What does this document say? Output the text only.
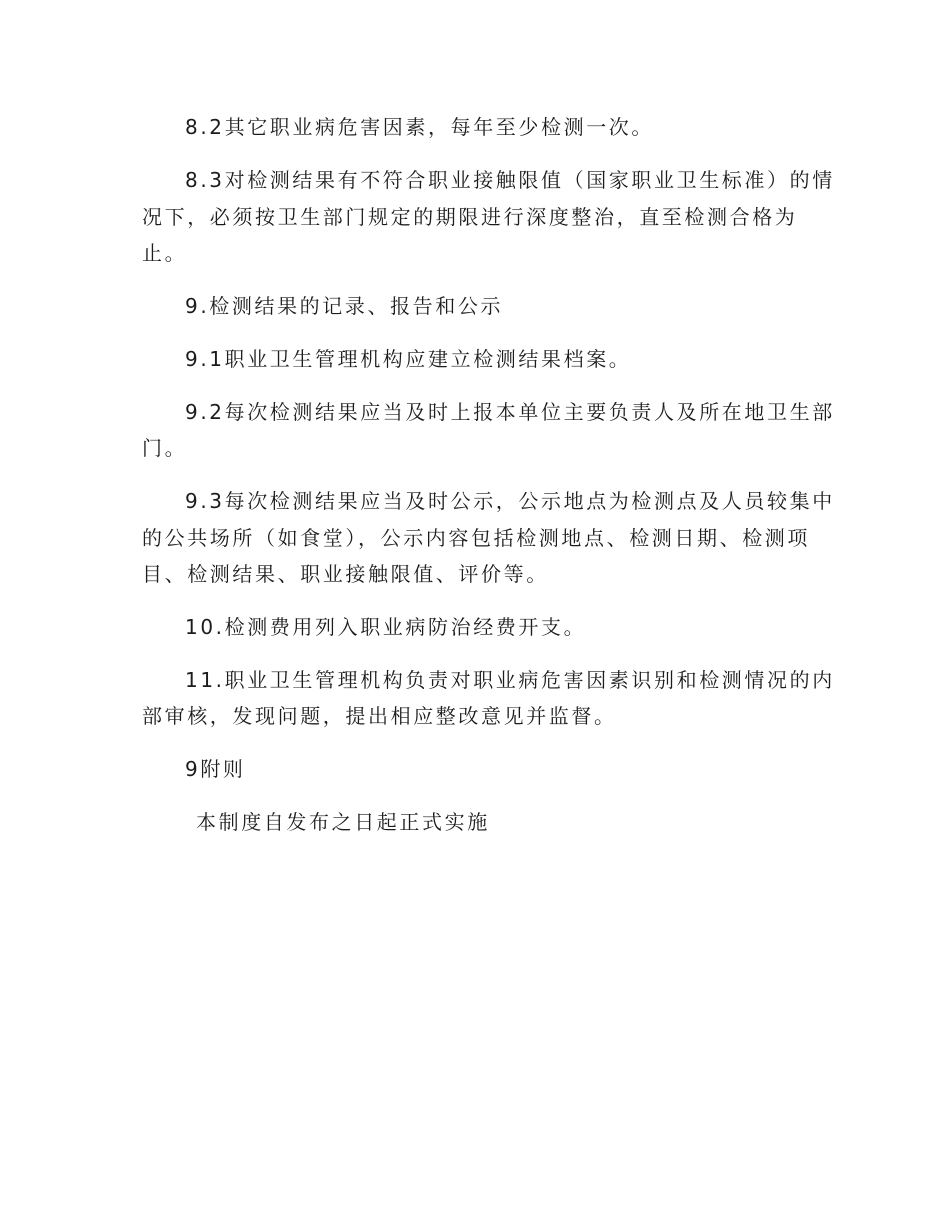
8.2其它职业病危害因素，每年至少检测一次。

8.3对检测结果有不符合职业接触限值（国家职业卫生标准）的情

况下，必须按卫生部门规定的期限进行深度整治，直至检测合格为

止。

9.检测结果的记录、报告和公示

9.1职业卫生管理机构应建立检测结果档案。

9.2每次检测结果应当及时上报本单位主要负责人及所在地卫生部

门。

9.3每次检测结果应当及时公示，公示地点为检测点及人员较集中

的公共场所（如食堂），公示内容包括检测地点、检测日期、检测项

目、检测结果、职业接触限值、评价等。

10.检测费用列入职业病防治经费开支。

11.职业卫生管理机构负责对职业病危害因素识别和检测情况的内

部审核，发现问题，提出相应整改意见并监督。

9附则

本制度自发布之日起正式实施
